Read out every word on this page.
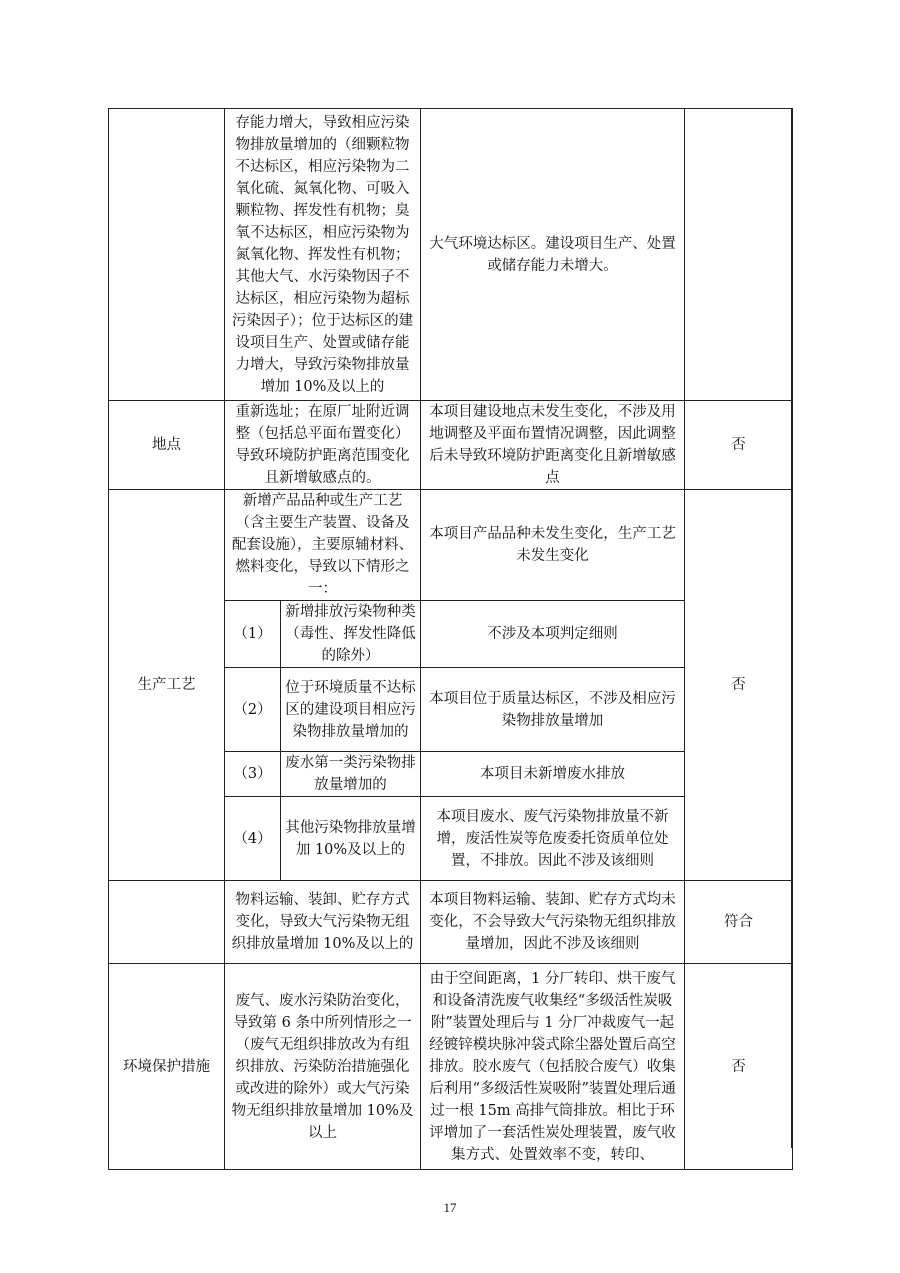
	存能力增大，导致相应污染物排放量增加的（细颗粒物不达标区，相应污染物为二氧化硫、氮氧化物、可吸入颗粒物、挥发性有机物；臭氧不达标区，相应污染物为氮氧化物、挥发性有机物；其他大气、水污染物因子不达标区，相应污染物为超标污染因子）；位于达标区的建设项目生产、处置或储存能力增大，导致污染物排放量增加 10%及以上的		大气环境达标区。建设项目生产、处置或储存能力未增大。	
地点	重新选址；在原厂址附近调整（包括总平面布置变化）导致环境防护距离范围变化且新增敏感点的。		本项目建设地点未发生变化，不涉及用地调整及平面布置情况调整，因此调整后未导致环境防护距离变化且新增敏感点	否
生产工艺	新增产品品种或生产工艺（含主要生产装置、设备及配套设施），主要原辅材料、燃料变化，导致以下情形之一：		本项目产品品种未发生变化，生产工艺未发生变化	否
	（1）	新增排放污染物种类（毒性、挥发性降低的除外）	不涉及本项判定细则	
	（2）	位于环境质量不达标区的建设项目相应污染物排放量增加的	本项目位于质量达标区，不涉及相应污染物排放量增加	
	（3）	废水第一类污染物排放量增加的	本项目未新增废水排放	
	（4）	其他污染物排放量增加 10%及以上的	本项目废水、废气污染物排放量不新增，废活性炭等危废委托资质单位处置，不排放。因此不涉及该细则	
	物料运输、装卸、贮存方式变化，导致大气污染物无组织排放量增加 10%及以上的		本项目物料运输、装卸、贮存方式均未变化，不会导致大气污染物无组织排放量增加，因此不涉及该细则	符合
环境保护措施	废气、废水污染防治变化，导致第 6 条中所列情形之一（废气无组织排放改为有组织排放、污染防治措施强化或改进的除外）或大气污染物无组织排放量增加 10%及以上		由于空间距离，1 分厂转印、烘干废气和设备清洗废气收集经“多级活性炭吸附”装置处理后与 1 分厂冲裁废气一起经镀锌模块脉冲袋式除尘器处置后高空排放。胶水废气（包括胶合废气）收集后利用“多级活性炭吸附”装置处理后通过一根 15m 高排气筒排放。相比于环评增加了一套活性炭处理装置，废气收集方式、处置效率不变，转印、	否
17
